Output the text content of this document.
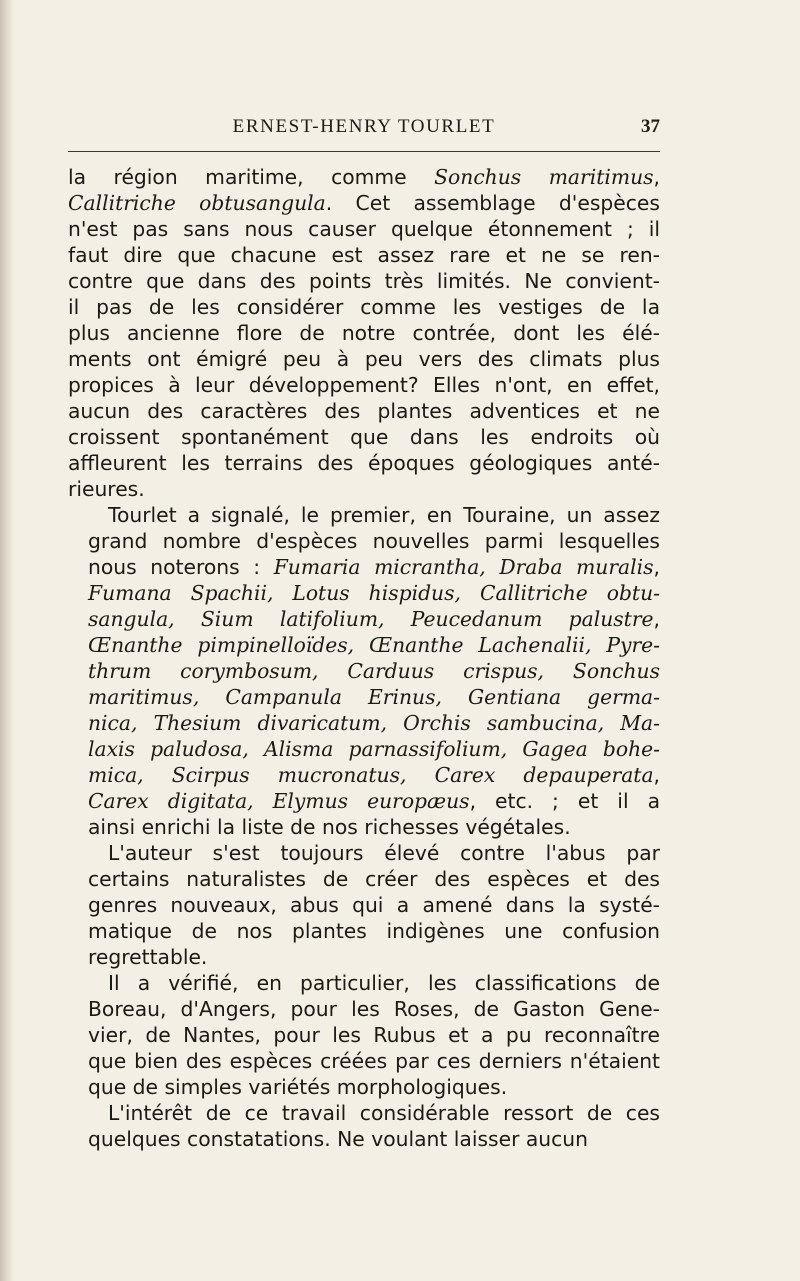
ERNEST-HENRY TOURLET	37

la région maritime, comme Sonchus maritimus,
Callitriche obtusangula. Cet assemblage d'espèces
n'est pas sans nous causer quelque étonnement ; il
faut dire que chacune est assez rare et ne se ren-
contre que dans des points très limités. Ne convient-
il pas de les considérer comme les vestiges de la
plus ancienne flore de notre contrée, dont les élé-
ments ont émigré peu à peu vers des climats plus
propices à leur développement? Elles n'ont, en effet,
aucun des caractères des plantes adventices et ne
croissent spontanément que dans les endroits où
affleurent les terrains des époques géologiques anté-
rieures.

Tourlet a signalé, le premier, en Touraine, un assez
grand nombre d'espèces nouvelles parmi lesquelles
nous noterons : Fumaria micrantha, Draba muralis,
Fumana Spachii, Lotus hispidus, Callitriche obtu-
sangula, Sium latifolium, Peucedanum palustre,
Œnanthe pimpinelloïdes, Œnanthe Lachenalii, Pyre-
thrum corymbosum, Carduus crispus, Sonchus
maritimus, Campanula Erinus, Gentiana germa-
nica, Thesium divaricatum, Orchis sambucina, Ma-
laxis paludosa, Alisma parnassifolium, Gagea bohe-
mica, Scirpus mucronatus, Carex depauperata,
Carex digitata, Elymus europæus, etc. ; et il a
ainsi enrichi la liste de nos richesses végétales.

L'auteur s'est toujours élevé contre l'abus par
certains naturalistes de créer des espèces et des
genres nouveaux, abus qui a amené dans la systé-
matique de nos plantes indigènes une confusion
regrettable.

Il a vérifié, en particulier, les classifications de
Boreau, d'Angers, pour les Roses, de Gaston Gene-
vier, de Nantes, pour les Rubus et a pu reconnaître
que bien des espèces créées par ces derniers n'étaient
que de simples variétés morphologiques.

L'intérêt de ce travail considérable ressort de ces
quelques constatations. Ne voulant laisser aucun
